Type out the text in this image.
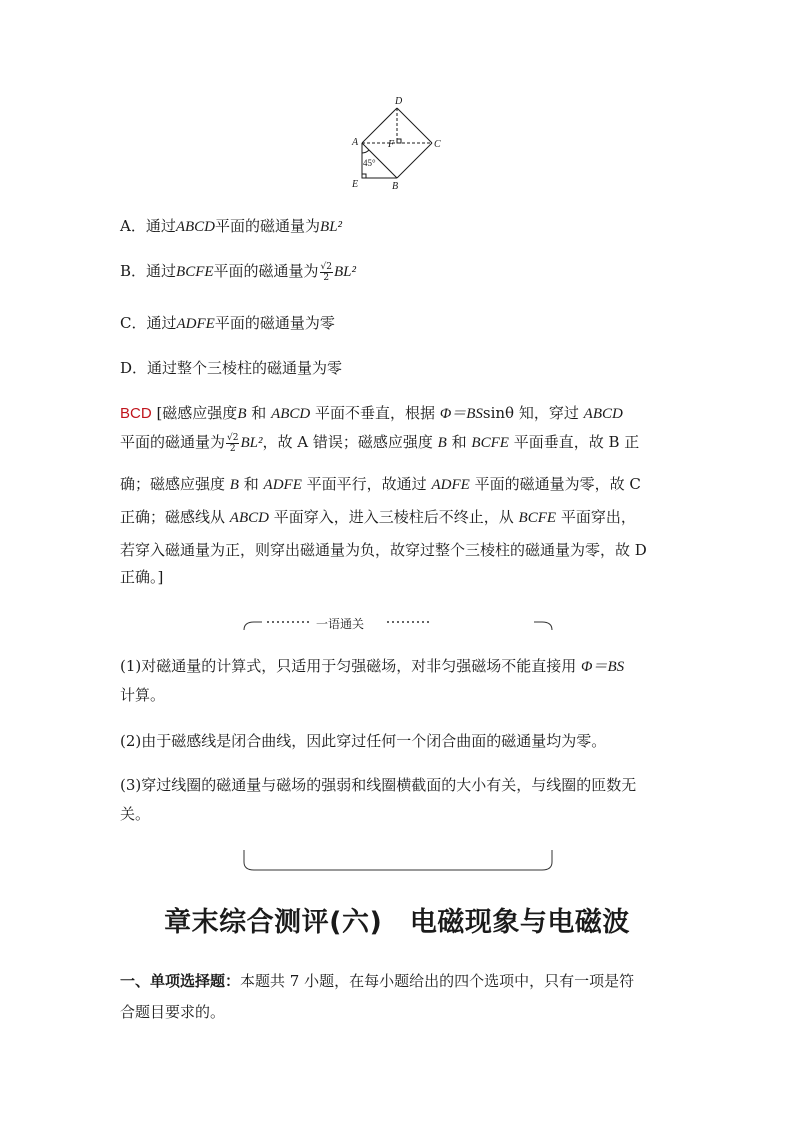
D
A	F	C
E	B
45°
A．通过ABCD平面的磁通量为BL²
B．通过BCFE平面的磁通量为 $\frac{√2}{2} BL^2$
C．通过ADFE平面的磁通量为零
D．通过整个三棱柱的磁通量为零
BCD [磁感应强度B 和 ABCD 平面不垂直，根据 Φ＝BSsinθ 知，穿过 ABCD
平面的磁通量为 $\frac{√2}{2} BL^2$，故 A 错误；磁感应强度 B 和 BCFE 平面垂直，故 B 正
确；磁感应强度 B 和 ADFE 平面平行，故通过 ADFE 平面的磁通量为零，故 C
正确；磁感线从 ABCD 平面穿入，进入三棱柱后不终止，从 BCFE 平面穿出，
若穿入磁通量为正，则穿出磁通量为负，故穿过整个三棱柱的磁通量为零，故 D
正确。]
一语通关
(1)对磁通量的计算式，只适用于匀强磁场，对非匀强磁场不能直接用 Φ＝BS
计算。
(2)由于磁感线是闭合曲线，因此穿过任何一个闭合曲面的磁通量均为零。
(3)穿过线圈的磁通量与磁场的强弱和线圈横截面的大小有关，与线圈的匝数无
关。
章末综合测评(六)　电磁现象与电磁波
一、单项选择题：本题共 7 小题，在每小题给出的四个选项中，只有一项是符
合题目要求的。
